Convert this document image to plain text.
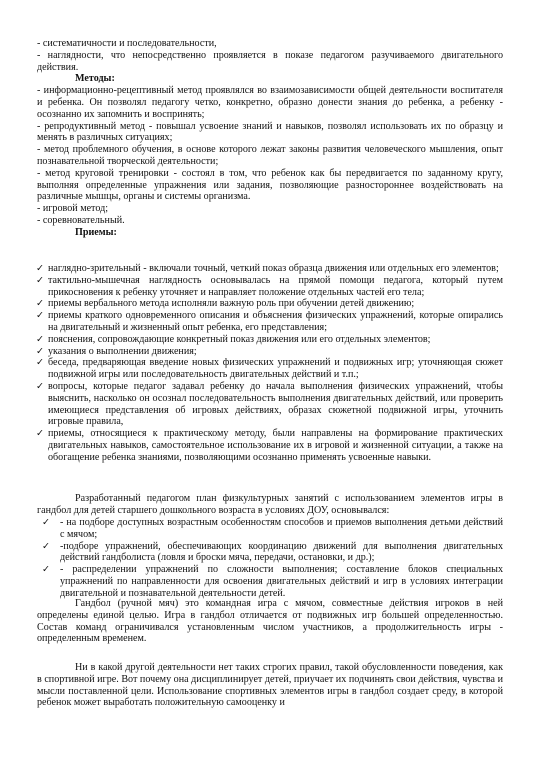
- систематичности и последовательности,

- наглядности, что непосредственно проявляется в показе педагогом разучиваемого двигательного действия.

Методы:

- информационно-рецептивный метод проявлялся во взаимозависимости общей деятельности воспитателя и ребенка. Он позволял педагогу четко, конкретно, образно донести знания до ребенка, а ребенку - осознанно их запомнить и воспринять;

- репродуктивный метод - повышал усвоение знаний и навыков, позволял использовать их по образцу и менять в различных ситуациях;

- метод проблемного обучения, в основе которого лежат законы развития человеческого мышления, опыт познавательной творческой деятельности;

- метод круговой тренировки - состоял в том, что ребенок как бы передвигается по заданному кругу, выполняя определенные упражнения или задания, позволяющие разностороннее воздействовать на различные мышцы, органы и системы организма.

- игровой метод;

- соревновательный.

Приемы:

✓ наглядно-зрительный - включали точный, четкий показ образца движения или отдельных его элементов;
✓ тактильно-мышечная наглядность основывалась на прямой помощи педагога, который путем прикосновения к ребенку уточняет и направляет положение отдельных частей его тела;
✓ приемы вербального метода исполняли важную роль при обучении детей движению;
✓ приемы краткого одновременного описания и объяснения физических упражнений, которые опирались на двигательный и жизненный опыт ребенка, его представления;
✓ пояснения, сопровождающие конкретный показ движения или его отдельных элементов;
✓ указания о выполнении движения;
✓ беседа, предваряющая введение новых физических упражнений и подвижных игр; уточняющая сюжет подвижной игры или последовательность двигательных действий и т.п.;
✓ вопросы, которые педагог задавал ребенку до начала выполнения физических упражнений, чтобы выяснить, насколько он осознал последовательность выполнения двигательных действий, или проверить имеющиеся представления об игровых действиях, образах сюжетной подвижной игры, уточнить игровые правила,
✓ приемы, относящиеся к практическому методу, были направлены на формирование практических двигательных навыков, самостоятельное использование их в игровой и жизненной ситуации, а также на обогащение ребенка знаниями, позволяющими осознанно применять усвоенные навыки.

Разработанный педагогом план физкультурных занятий с использованием элементов игры в гандбол для детей старшего дошкольного возраста в условиях ДОУ, основывался:

✓ - на подборе доступных возрастным особенностям способов и приемов выполнения детьми действий с мячом;
✓ -подборе упражнений, обеспечивающих координацию движений для выполнения двигательных действий гандболиста (ловля и броски мяча, передачи, остановки, и др.);
✓ - распределении упражнений по сложности выполнения; составление блоков специальных упражнений по направленности для освоения двигательных действий и игр в условиях интеграции двигательной и познавательной деятельности детей.

Гандбол (ручной мяч) это командная игра с мячом, совместные действия игроков в ней определены единой целью. Игра в гандбол отличается от подвижных игр большей определенностью. Состав команд ограничивался установленным числом участников, а продолжительность игры - определенным временем.

Ни в какой другой деятельности нет таких строгих правил, такой обусловленности поведения, как в спортивной игре. Вот почему она дисциплинирует детей, приучает их подчинять свои действия, чувства и мысли поставленной цели. Использование спортивных элементов игры в гандбол создает среду, в которой ребенок может выработать положительную самооценку и
